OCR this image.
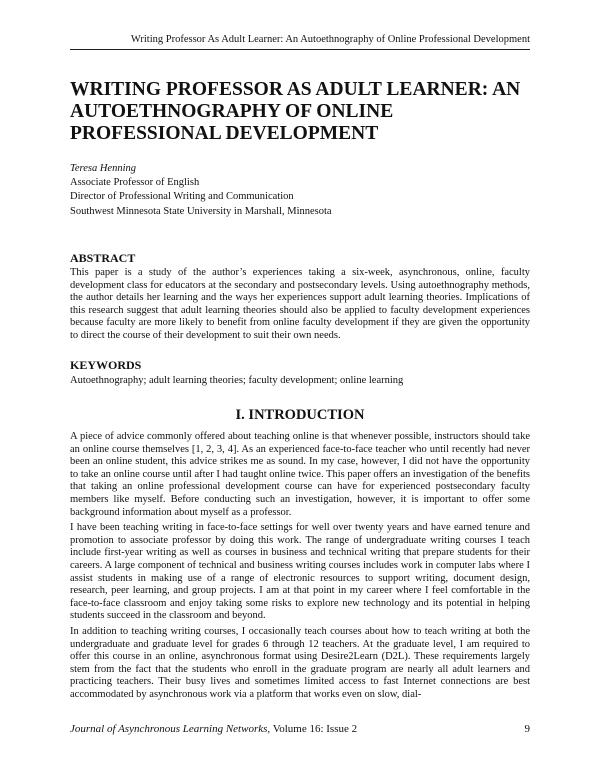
Writing Professor As Adult Learner: An Autoethnography of Online Professional Development
WRITING PROFESSOR AS ADULT LEARNER: AN
AUTOETHNOGRAPHY OF ONLINE
PROFESSIONAL DEVELOPMENT
Teresa Henning
Associate Professor of English
Director of Professional Writing and Communication
Southwest Minnesota State University in Marshall, Minnesota
ABSTRACT

This paper is a study of the author’s experiences taking a six-week, asynchronous, online, faculty development class for educators at the secondary and postsecondary levels. Using autoethnography methods, the author details her learning and the ways her experiences support adult learning theories. Implications of this research suggest that adult learning theories should also be applied to faculty development experiences because faculty are more likely to benefit from online faculty development if they are given the opportunity to direct the course of their development to suit their own needs.

KEYWORDS

Autoethnography; adult learning theories; faculty development; online learning

I. INTRODUCTION

A piece of advice commonly offered about teaching online is that whenever possible, instructors should take an online course themselves [1, 2, 3, 4]. As an experienced face-to-face teacher who until recently had never been an online student, this advice strikes me as sound. In my case, however, I did not have the opportunity to take an online course until after I had taught online twice. This paper offers an investigation of the benefits that taking an online professional development course can have for experienced postsecondary faculty members like myself. Before conducting such an investigation, however, it is important to offer some background information about myself as a professor.

I have been teaching writing in face-to-face settings for well over twenty years and have earned tenure and promotion to associate professor by doing this work. The range of undergraduate writing courses I teach include first-year writing as well as courses in business and technical writing that prepare students for their careers. A large component of technical and business writing courses includes work in computer labs where I assist students in making use of a range of electronic resources to support writing, document design, research, peer learning, and group projects. I am at that point in my career where I feel comfortable in the face-to-face classroom and enjoy taking some risks to explore new technology and its potential in helping students succeed in the classroom and beyond.

In addition to teaching writing courses, I occasionally teach courses about how to teach writing at both the undergraduate and graduate level for grades 6 through 12 teachers. At the graduate level, I am required to offer this course in an online, asynchronous format using Desire2Learn (D2L). These requirements largely stem from the fact that the students who enroll in the graduate program are nearly all adult learners and practicing teachers. Their busy lives and sometimes limited access to fast Internet connections are best accommodated by asynchronous work via a platform that works even on slow, dial-

Journal of Asynchronous Learning Networks, Volume 16: Issue 2	9
